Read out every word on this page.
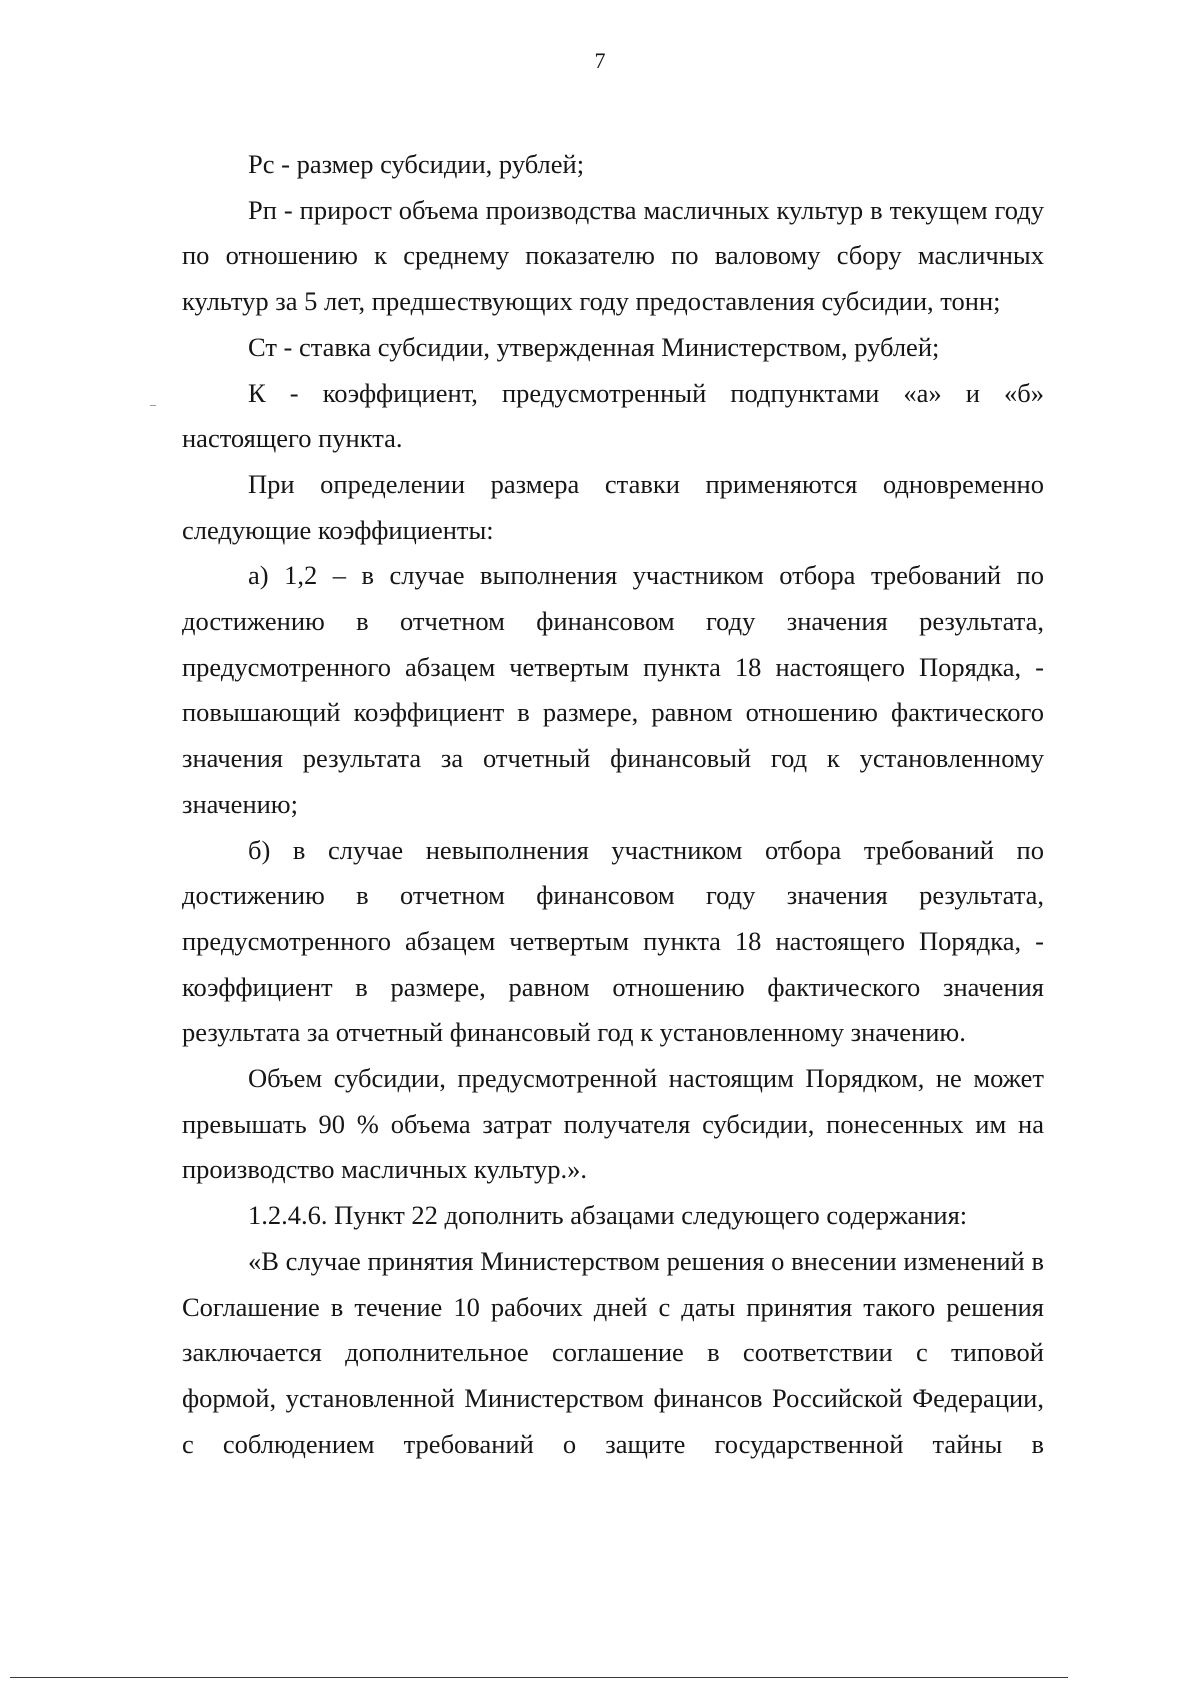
7

Рс - размер субсидии, рублей;

Рп - прирост объема производства масличных культур в текущем году по отношению к среднему показателю по валовому сбору масличных культур за 5 лет, предшествующих году предоставления субсидии, тонн;

Ст - ставка субсидии, утвержденная Министерством, рублей;

К - коэффициент, предусмотренный подпунктами «а» и «б» настоящего пункта.

При определении размера ставки применяются одновременно следующие коэффициенты:

а) 1,2 – в случае выполнения участником отбора требований по достижению в отчетном финансовом году значения результата, предусмотренного абзацем четвертым пункта 18 настоящего Порядка, - повышающий коэффициент в размере, равном отношению фактического значения результата за отчетный финансовый год к установленному значению;

б) в случае невыполнения участником отбора требований по достижению в отчетном финансовом году значения результата, предусмотренного абзацем четвертым пункта 18 настоящего Порядка, - коэффициент в размере, равном отношению фактического значения результата за отчетный финансовый год к установленному значению.

Объем субсидии, предусмотренной настоящим Порядком, не может превышать 90 % объема затрат получателя субсидии, понесенных им на производство масличных культур.».

1.2.4.6. Пункт 22 дополнить абзацами следующего содержания:

«В случае принятия Министерством решения о внесении изменений в Соглашение в течение 10 рабочих дней с даты принятия такого решения заключается дополнительное соглашение в соответствии с типовой формой, установленной Министерством финансов Российской Федерации, с соблюдением требований о защите государственной тайны в
